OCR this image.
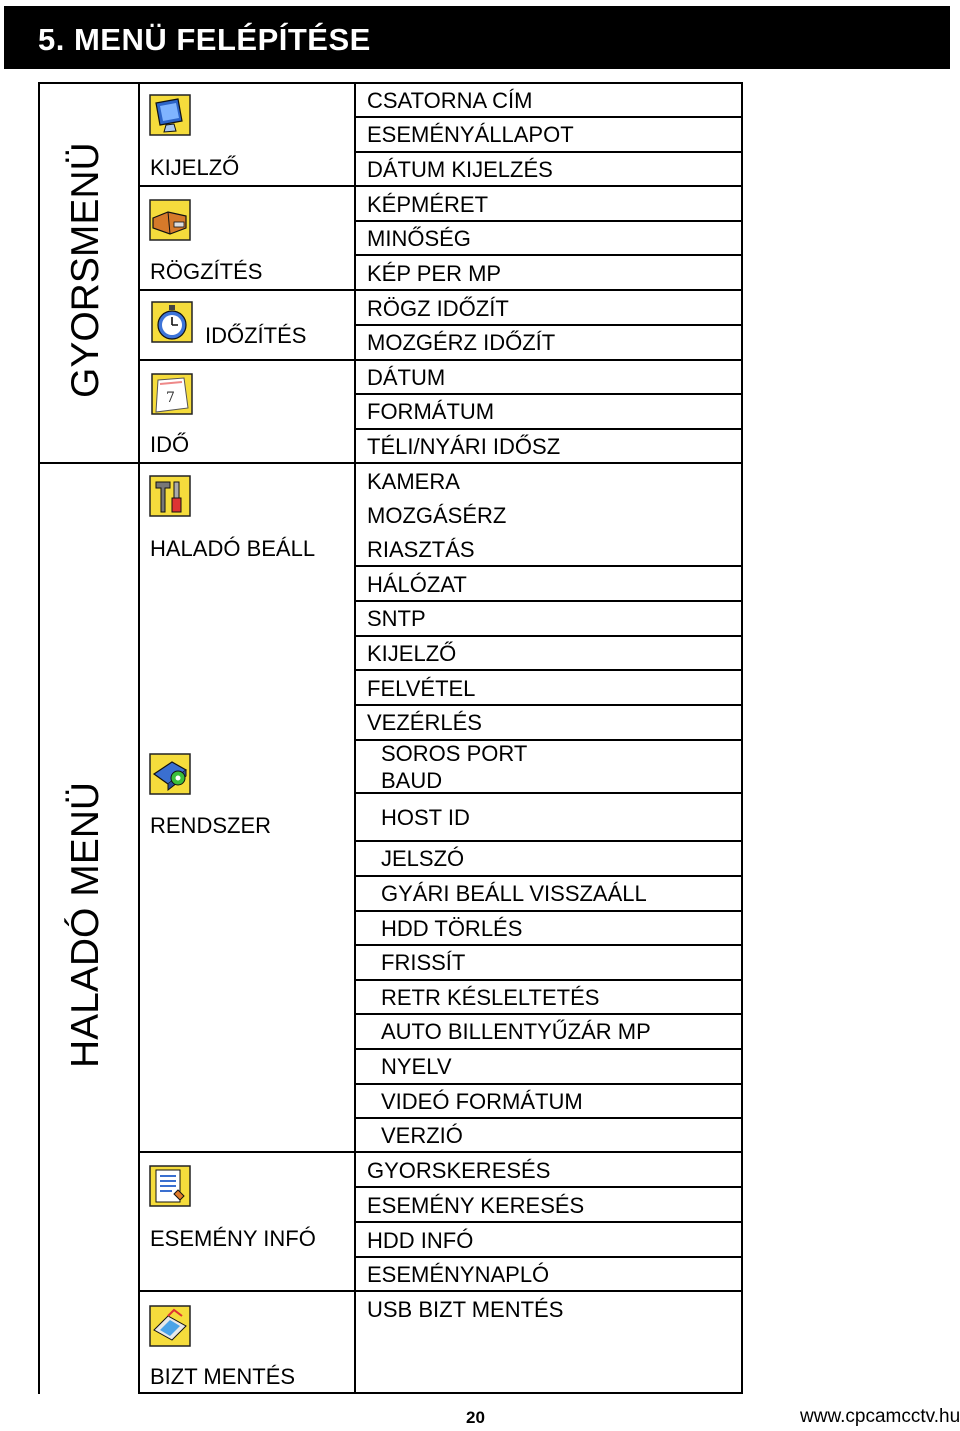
5. MENÜ FELÉPÍTÉSE
GYORSMENÜ
HALADÓ MENÜ
7
KIJELZŐ
RÖGZÍTÉS
IDŐZÍTÉS
IDŐ
HALADÓ BEÁLL
RENDSZER
ESEMÉNY INFÓ
BIZT MENTÉS
CSATORNA CÍM
ESEMÉNYÁLLAPOT
DÁTUM KIJELZÉS
KÉPMÉRET
MINŐSÉG
KÉP PER MP
RÖGZ IDŐZÍT
MOZGÉRZ IDŐZÍT
DÁTUM
FORMÁTUM
TÉLI/NYÁRI IDŐSZ
KAMERA
MOZGÁSÉRZ
RIASZTÁS
HÁLÓZAT
SNTP
KIJELZŐ
FELVÉTEL
VEZÉRLÉS
SOROS PORT
BAUD
HOST ID
JELSZÓ
GYÁRI BEÁLL VISSZAÁLL
HDD TÖRLÉS
FRISSÍT
RETR KÉSLELTETÉS
AUTO BILLENTYŰZÁR MP
NYELV
VIDEÓ FORMÁTUM
VERZIÓ
GYORSKERESÉS
ESEMÉNY KERESÉS
HDD INFÓ
ESEMÉNYNAPLÓ
USB BIZT MENTÉS
20	www.cpcamcctv.hu
